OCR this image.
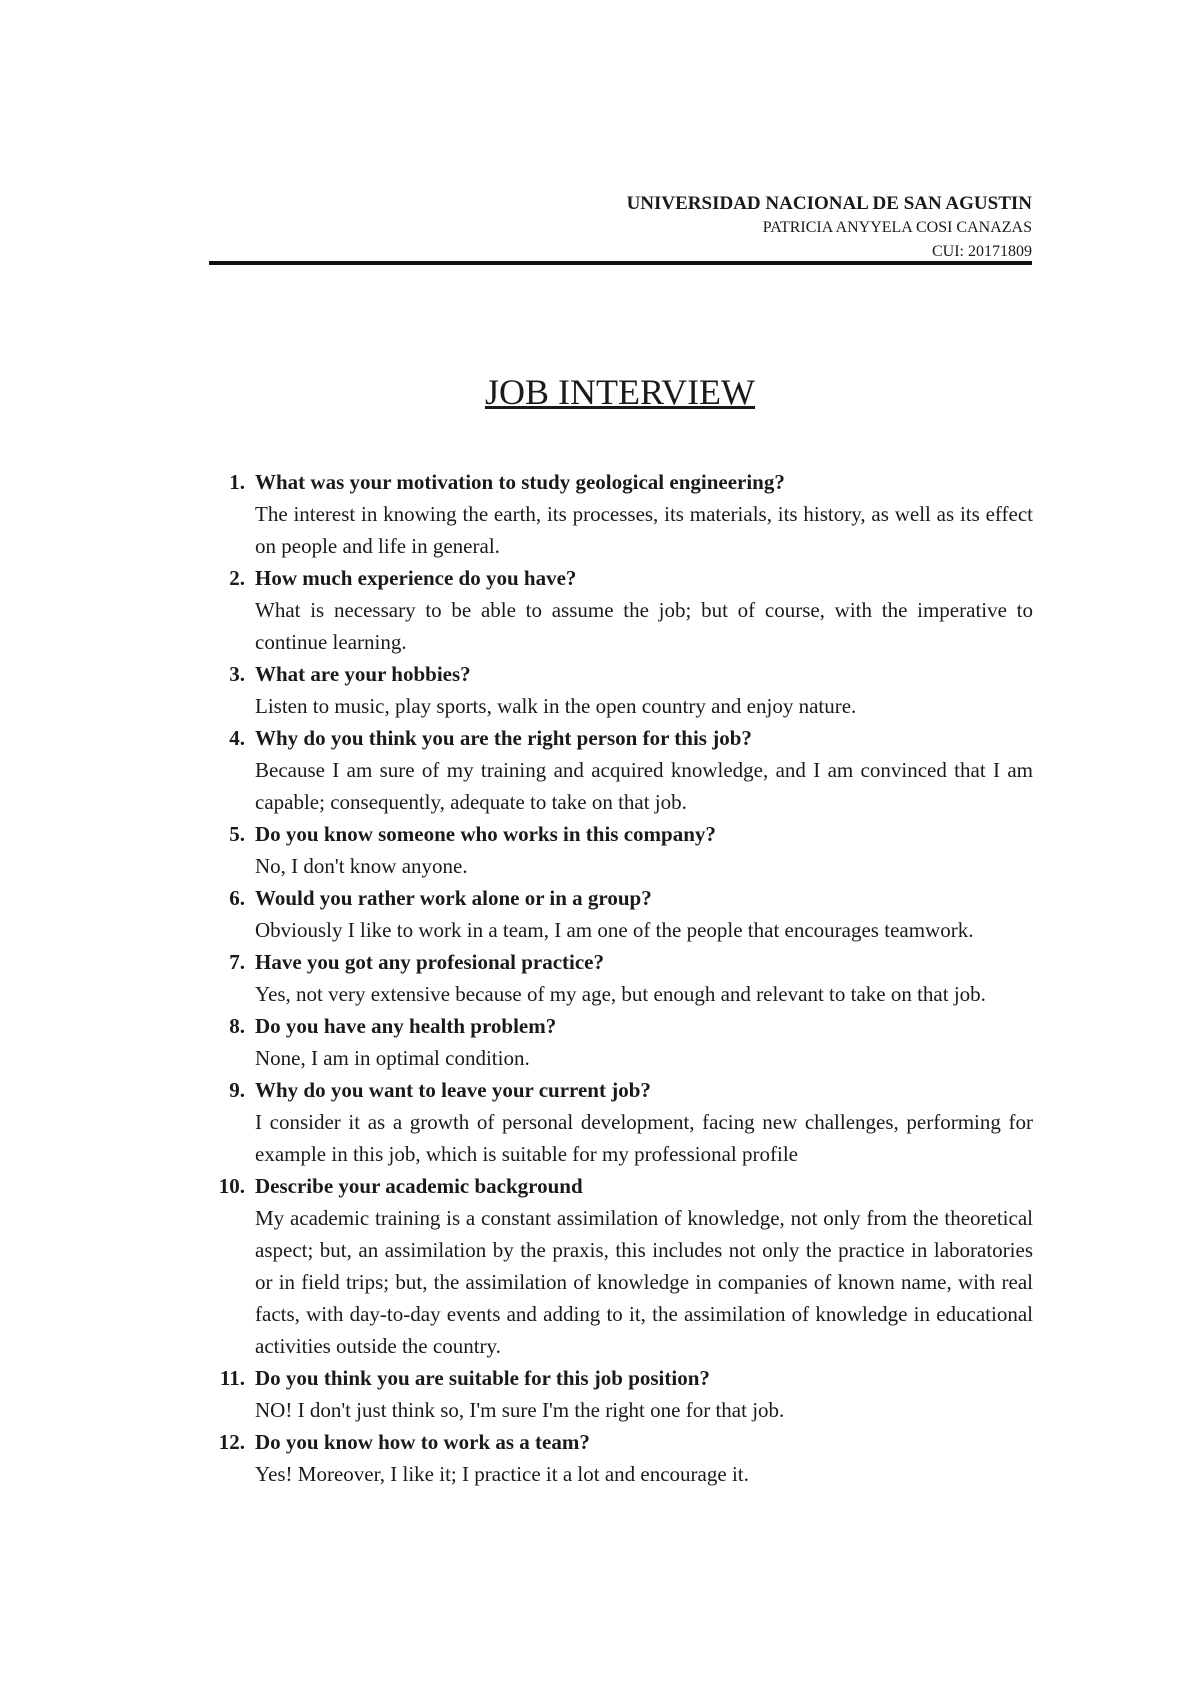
UNIVERSIDAD NACIONAL DE SAN AGUSTIN
PATRICIA ANYYELA COSI CANAZAS
CUI: 20171809
JOB INTERVIEW
1. What was your motivation to study geological engineering?
The interest in knowing the earth, its processes, its materials, its history, as well as its effect on people and life in general.
2. How much experience do you have?
What is necessary to be able to assume the job; but of course, with the imperative to continue learning.
3. What are your hobbies?
Listen to music, play sports, walk in the open country and enjoy nature.
4. Why do you think you are the right person for this job?
Because I am sure of my training and acquired knowledge, and I am convinced that I am capable; consequently, adequate to take on that job.
5. Do you know someone who works in this company?
No, I don't know anyone.
6. Would you rather work alone or in a group?
Obviously I like to work in a team, I am one of the people that encourages teamwork.
7. Have you got any profesional practice?
Yes, not very extensive because of my age, but enough and relevant to take on that job.
8. Do you have any health problem?
None, I am in optimal condition.
9. Why do you want to leave your current job?
I consider it as a growth of personal development, facing new challenges, performing for example in this job, which is suitable for my professional profile
10. Describe your academic background
My academic training is a constant assimilation of knowledge, not only from the theoretical aspect; but, an assimilation by the praxis, this includes not only the practice in laboratories or in field trips; but, the assimilation of knowledge in companies of known name, with real facts, with day-to-day events and adding to it, the assimilation of knowledge in educational activities outside the country.
11. Do you think you are suitable for this job position?
NO! I don't just think so, I'm sure I'm the right one for that job.
12. Do you know how to work as a team?
Yes! Moreover, I like it; I practice it a lot and encourage it.
